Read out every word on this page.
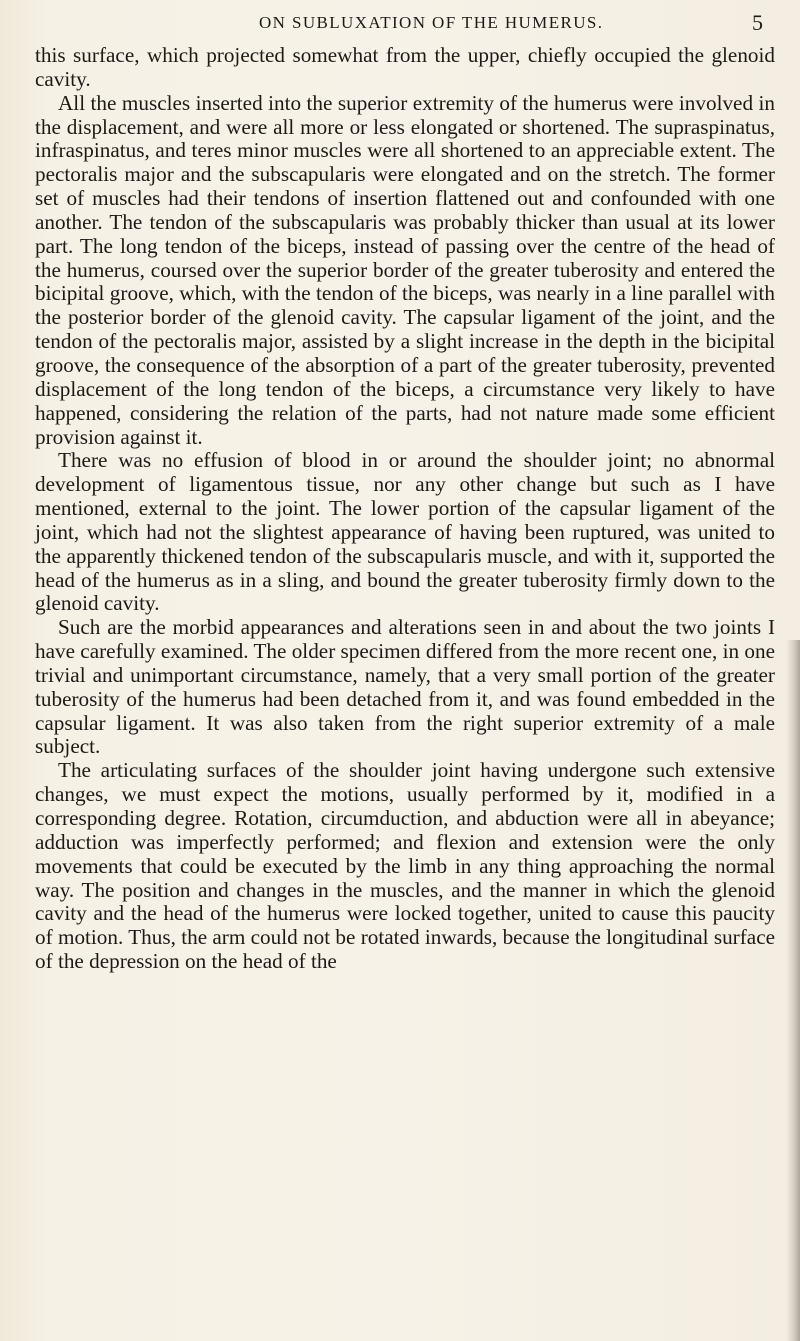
ON SUBLUXATION OF THE HUMERUS.	5

this surface, which projected somewhat from the upper, chiefly occupied the glenoid cavity.

All the muscles inserted into the superior extremity of the humerus were involved in the displacement, and were all more or less elongated or shortened. The supraspinatus, infraspinatus, and teres minor muscles were all shortened to an appreciable extent. The pectoralis major and the subscapularis were elongated and on the stretch. The former set of muscles had their tendons of insertion flattened out and confounded with one another. The tendon of the subscapularis was probably thicker than usual at its lower part. The long tendon of the biceps, instead of passing over the centre of the head of the humerus, coursed over the superior border of the greater tuberosity and entered the bicipital groove, which, with the tendon of the biceps, was nearly in a line parallel with the posterior border of the glenoid cavity. The capsular ligament of the joint, and the tendon of the pectoralis major, assisted by a slight increase in the depth in the bicipital groove, the consequence of the absorption of a part of the greater tuberosity, prevented displacement of the long tendon of the biceps, a circumstance very likely to have happened, considering the relation of the parts, had not nature made some efficient provision against it.

There was no effusion of blood in or around the shoulder joint; no abnormal development of ligamentous tissue, nor any other change but such as I have mentioned, external to the joint. The lower portion of the capsular ligament of the joint, which had not the slightest appearance of having been ruptured, was united to the apparently thickened tendon of the subscapularis muscle, and with it, supported the head of the humerus as in a sling, and bound the greater tuberosity firmly down to the glenoid cavity.

Such are the morbid appearances and alterations seen in and about the two joints I have carefully examined. The older specimen differed from the more recent one, in one trivial and unimportant circumstance, namely, that a very small portion of the greater tuberosity of the humerus had been detached from it, and was found embedded in the capsular ligament. It was also taken from the right superior extremity of a male subject.

The articulating surfaces of the shoulder joint having undergone such extensive changes, we must expect the motions, usually performed by it, modified in a corresponding degree. Rotation, circumduction, and abduction were all in abeyance; adduction was imperfectly performed; and flexion and extension were the only movements that could be executed by the limb in any thing approaching the normal way. The position and changes in the muscles, and the manner in which the glenoid cavity and the head of the humerus were locked together, united to cause this paucity of motion. Thus, the arm could not be rotated inwards, because the longitudinal surface of the depression on the head of the
